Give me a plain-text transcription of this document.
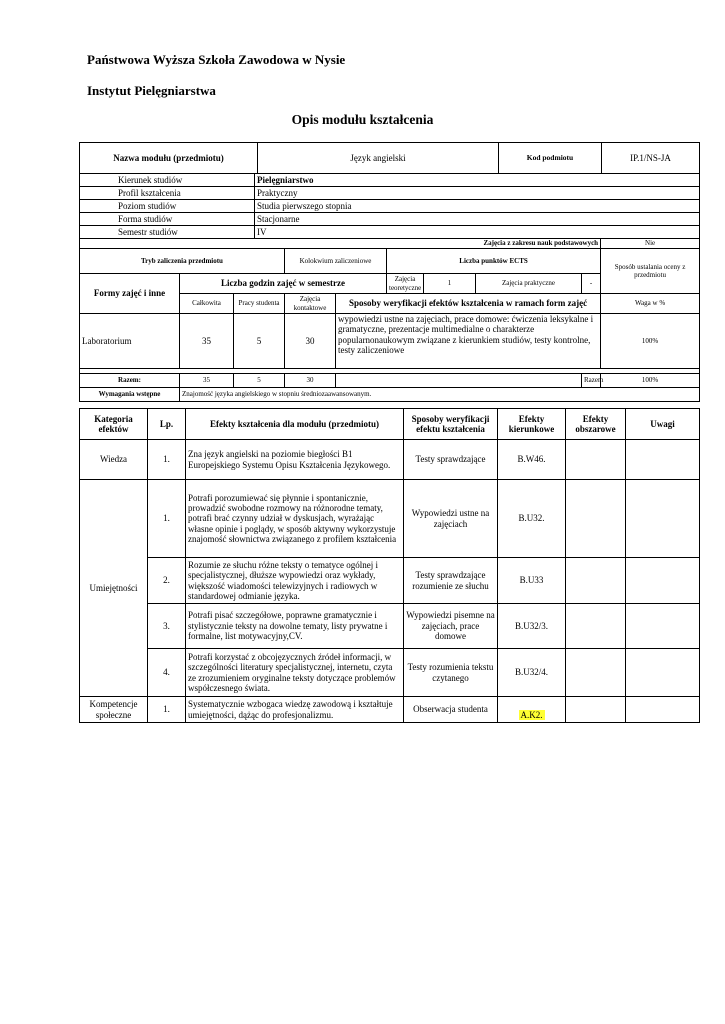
Państwowa Wyższa Szkoła Zawodowa w Nysie
Instytut Pielęgniarstwa
Opis modułu kształcenia
Nazwa modułu (przedmiotu)	Język angielski	Kod podmiotu	IP.1/NS-JA
Kierunek studiów	Pielęgniarstwo
Profil kształcenia	Praktyczny
Poziom studiów	Studia pierwszego stopnia
Forma studiów	Stacjonarne
Semestr studiów	IV
Zajęcia z zakresu nauk podstawowych									Nie
Tryb zaliczenia przedmiotu			Kolokwium zaliczeniowe		Liczba punktów ECTS				Sposób ustalania oceny z przedmiotu
Formy zajęć i inne	Liczba godzin zajęć w semestrze				Zajęcia teoretyczne	1	Zajęcia praktyczne	-	
	Całkowita	Pracy studenta	Zajęcia kontaktowe	Sposoby weryfikacji efektów kształcenia w ramach form zajęć					Waga w %
Laboratorium	35	5	30	wypowiedzi ustne na zajęciach, prace domowe: ćwiczenia leksykalne i gramatyczne, prezentacje multimedialne o charakterze popularnonaukowym związane z kierunkiem studiów, testy kontrolne, testy zaliczeniowe					100%

Razem:	35	5	30					Razem	100%
Wymagania wstępne	Znajomość języka angielskiego w stopniu średniozaawansowanym.								
Kategoria efektów	Lp.	Efekty kształcenia dla modułu (przedmiotu)	Sposoby weryfikacji efektu kształcenia	Efekty kierunkowe	Efekty obszarowe	Uwagi
Wiedza	1.	Zna język angielski na poziomie biegłości B1 Europejskiego Systemu Opisu Kształcenia Językowego.	Testy sprawdzające	B.W46.		
Umiejętności	1.	Potrafi porozumiewać się płynnie i spontanicznie, prowadzić swobodne rozmowy na różnorodne tematy, potrafi brać czynny udział w dyskusjach, wyrażając własne opinie i poglądy, w sposób aktywny wykorzystuje znajomość słownictwa związanego z profilem kształcenia	Wypowiedzi ustne na zajęciach	B.U32.		
	2.	Rozumie ze słuchu różne teksty o tematyce ogólnej i specjalistycznej, dłuższe wypowiedzi oraz wykłady, większość wiadomości telewizyjnych i radiowych w standardowej odmianie języka.	Testy sprawdzające rozumienie ze słuchu	B.U33		
	3.	Potrafi pisać szczegółowe, poprawne gramatycznie i stylistycznie teksty na dowolne tematy, listy prywatne i formalne, list motywacyjny,CV.	Wypowiedzi pisemne na zajęciach, prace domowe	B.U32/3.		
	4.	Potrafi korzystać z obcojęzycznych źródeł informacji, w szczególności literatury specjalistycznej, internetu, czyta ze zrozumieniem oryginalne teksty dotyczące problemów współczesnego świata.	Testy rozumienia tekstu czytanego	B.U32/4.		
Kompetencje społeczne	1.	Systematycznie wzbogaca wiedzę zawodową i kształtuje umiejętności, dążąc do profesjonalizmu.	Obserwacja studenta	A.K2.		
